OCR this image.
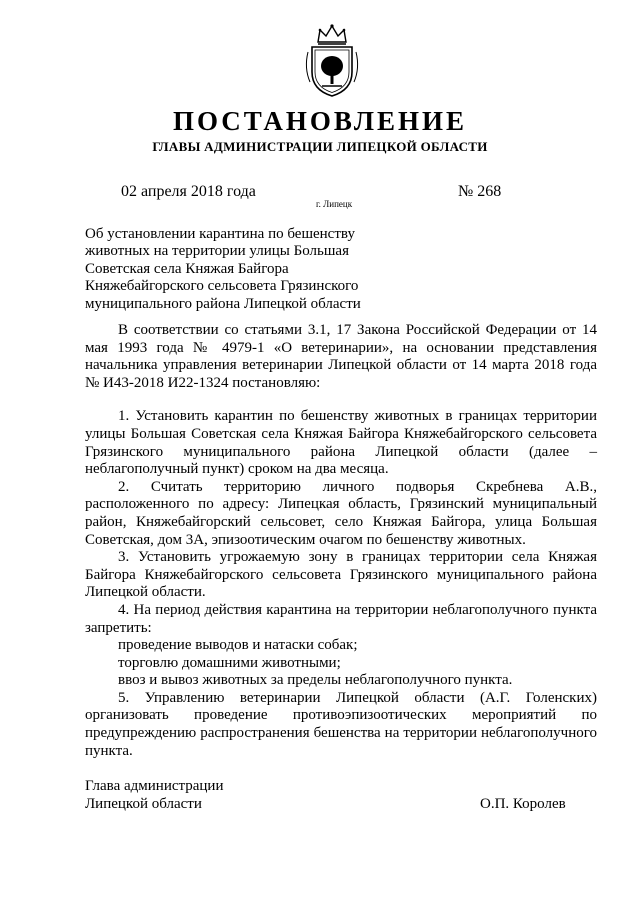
ПОСТАНОВЛЕНИЕ
ГЛАВЫ АДМИНИСТРАЦИИ ЛИПЕЦКОЙ ОБЛАСТИ
02 апреля 2018 года
г. Липецк
№ 268
Об установлении карантина по бешенству
животных на территории улицы Большая
Советская села Княжая Байгора
Княжебайгорского сельсовета Грязинского
муниципального района Липецкой области

В соответствии со статьями 3.1, 17 Закона Российской Федерации от 14 мая 1993 года № 4979-1 «О ветеринарии», на основании представления начальника управления ветеринарии Липецкой области от 14 марта 2018 года № И43-2018 И22-1324 постановляю:

1. Установить карантин по бешенству животных в границах территории улицы Большая Советская села Княжая Байгора Княжебайгорского сельсовета Грязинского муниципального района Липецкой области (далее – неблагополучный пункт) сроком на два месяца.

2. Считать территорию личного подворья Скребнева А.В., расположенного по адресу: Липецкая область, Грязинский муниципальный район, Княжебайгорский сельсовет, село Княжая Байгора, улица Большая Советская, дом 3А, эпизоотическим очагом по бешенству животных.

3. Установить угрожаемую зону в границах территории села Княжая Байгора Княжебайгорского сельсовета Грязинского муниципального района Липецкой области.

4. На период действия карантина на территории неблагополучного пункта запретить:

проведение выводов и натаски собак;

торговлю домашними животными;

ввоз и вывоз животных за пределы неблагополучного пункта.

5. Управлению ветеринарии Липецкой области (А.Г. Голенских) организовать проведение противоэпизоотических мероприятий по предупреждению распространения бешенства на территории неблагополучного пункта.

Глава администрации
Липецкой области	О.П. Королев
